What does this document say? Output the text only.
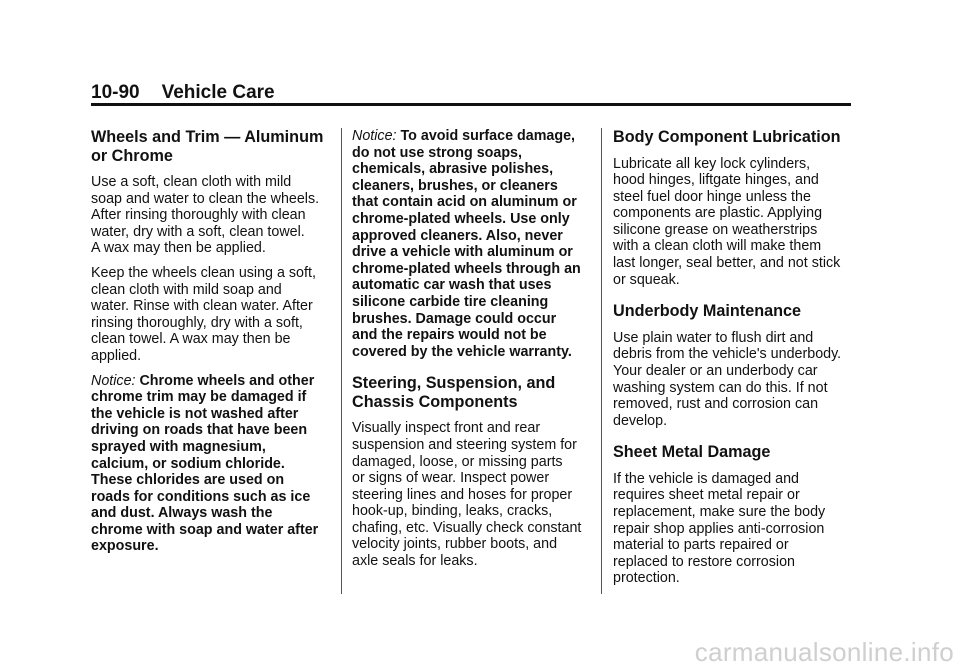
10-90 Vehicle Care
Wheels and Trim — Aluminum
or Chrome

Use a soft, clean cloth with mild
soap and water to clean the wheels.
After rinsing thoroughly with clean
water, dry with a soft, clean towel.
A wax may then be applied.

Keep the wheels clean using a soft,
clean cloth with mild soap and
water. Rinse with clean water. After
rinsing thoroughly, dry with a soft,
clean towel. A wax may then be
applied.

Notice: Chrome wheels and other
chrome trim may be damaged if
the vehicle is not washed after
driving on roads that have been
sprayed with magnesium,
calcium, or sodium chloride.
These chlorides are used on
roads for conditions such as ice
and dust. Always wash the
chrome with soap and water after
exposure.

Notice: To avoid surface damage,
do not use strong soaps,
chemicals, abrasive polishes,
cleaners, brushes, or cleaners
that contain acid on aluminum or
chrome-plated wheels. Use only
approved cleaners. Also, never
drive a vehicle with aluminum or
chrome-plated wheels through an
automatic car wash that uses
silicone carbide tire cleaning
brushes. Damage could occur
and the repairs would not be
covered by the vehicle warranty.

Steering, Suspension, and
Chassis Components

Visually inspect front and rear
suspension and steering system for
damaged, loose, or missing parts
or signs of wear. Inspect power
steering lines and hoses for proper
hook-up, binding, leaks, cracks,
chafing, etc. Visually check constant
velocity joints, rubber boots, and
axle seals for leaks.

Body Component Lubrication

Lubricate all key lock cylinders,
hood hinges, liftgate hinges, and
steel fuel door hinge unless the
components are plastic. Applying
silicone grease on weatherstrips
with a clean cloth will make them
last longer, seal better, and not stick
or squeak.

Underbody Maintenance

Use plain water to flush dirt and
debris from the vehicle's underbody.
Your dealer or an underbody car
washing system can do this. If not
removed, rust and corrosion can
develop.

Sheet Metal Damage

If the vehicle is damaged and
requires sheet metal repair or
replacement, make sure the body
repair shop applies anti-corrosion
material to parts repaired or
replaced to restore corrosion
protection.

carmanualsonline.info
